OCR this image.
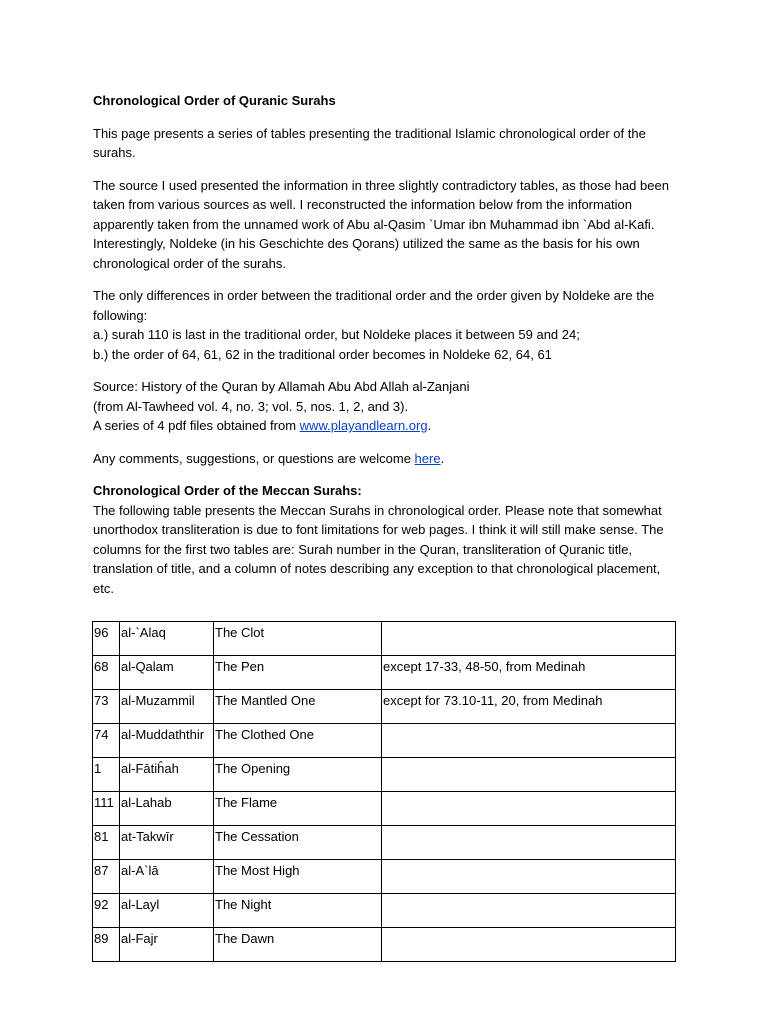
Chronological Order of Quranic Surahs

This page presents a series of tables presenting the traditional Islamic chronological order of the surahs.

The source I used presented the information in three slightly contradictory tables, as those had been taken from various sources as well. I reconstructed the information below from the information apparently taken from the unnamed work of Abu al-Qasim `Umar ibn Muhammad ibn `Abd al-Kafi. Interestingly, Noldeke (in his Geschichte des Qorans) utilized the same as the basis for his own chronological order of the surahs.

The only differences in order between the traditional order and the order given by Noldeke are the following:

a.) surah 110 is last in the traditional order, but Noldeke places it between 59 and 24;

b.) the order of 64, 61, 62 in the traditional order becomes in Noldeke 62, 64, 61

Source: History of the Quran by Allamah Abu Abd Allah al-Zanjani

(from Al-Tawheed vol. 4, no. 3; vol. 5, nos. 1, 2, and 3).

A series of 4 pdf files obtained from www.playandlearn.org.

Any comments, suggestions, or questions are welcome here.

Chronological Order of the Meccan Surahs:

The following table presents the Meccan Surahs in chronological order. Please note that somewhat unorthodox transliteration is due to font limitations for web pages. I think it will still make sense. The columns for the first two tables are: Surah number in the Quran, transliteration of Quranic title, translation of title, and a column of notes describing any exception to that chronological placement, etc.

96	al-`Alaq	The Clot	
68	al-Qalam	The Pen	except 17-33, 48-50, from Medinah
73	al-Muzammil	The Mantled One	except for 73.10-11, 20, from Medinah
74	al-Muddaththir	The Clothed One	
1	al-Fātiĥah	The Opening	
111	al-Lahab	The Flame	
81	at-Takwīr	The Cessation	
87	al-A`lā	The Most High	
92	al-Layl	The Night	
89	al-Fajr	The Dawn	
